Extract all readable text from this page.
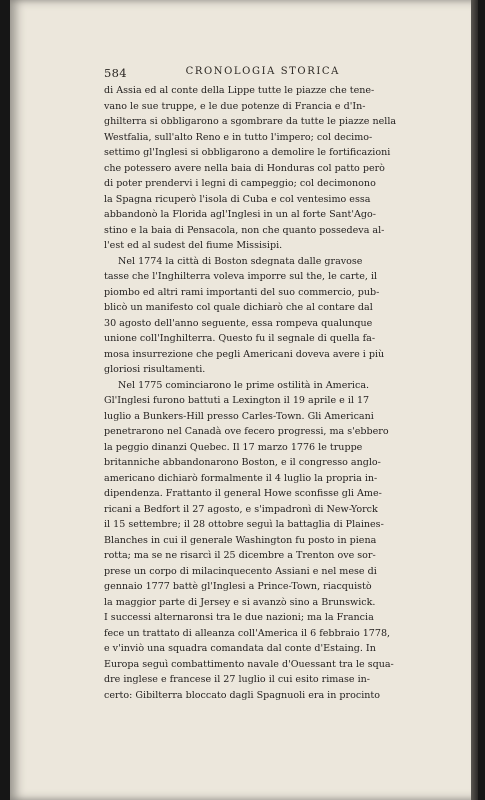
584	CRONOLOGIA STORICA
di Assia ed al conte della Lippe tutte le piazze che tene-
vano le sue truppe, e le due potenze di Francia e d'In-
ghilterra si obbligarono a sgombrare da tutte le piazze nella
Westfalia, sull'alto Reno e in tutto l'impero; col decimo-
settimo gl'Inglesi si obbligarono a demolire le fortificazioni
che potessero avere nella baia di Honduras col patto però
di poter prendervi i legni di campeggio; col decimonono
la Spagna ricuperò l'isola di Cuba e col ventesimo essa
abbandonò la Florida agl'Inglesi in un al forte Sant'Ago-
stino e la baia di Pensacola, non che quanto possedeva al-
l'est ed al sudest del fiume Missisipi.
Nel 1774 la città di Boston sdegnata dalle gravose
tasse che l'Inghilterra voleva imporre sul the, le carte, il
piombo ed altri rami importanti del suo commercio, pub-
blicò un manifesto col quale dichiarò che al contare dal
30 agosto dell'anno seguente, essa rompeva qualunque
unione coll'Inghilterra. Questo fu il segnale di quella fa-
mosa insurrezione che pegli Americani doveva avere i più
gloriosi risultamenti.
Nel 1775 cominciarono le prime ostilità in America.
Gl'Inglesi furono battuti a Lexington il 19 aprile e il 17
luglio a Bunkers-Hill presso Carles-Town. Gli Americani
penetrarono nel Canadà ove fecero progressi, ma s'ebbero
la peggio dinanzi Quebec. Il 17 marzo 1776 le truppe
britanniche abbandonarono Boston, e il congresso anglo-
americano dichiarò formalmente il 4 luglio la propria in-
dipendenza. Frattanto il general Howe sconfisse gli Ame-
ricani a Bedfort il 27 agosto, e s'impadronì di New-Yorck
il 15 settembre; il 28 ottobre seguì la battaglia di Plaines-
Blanches in cui il generale Washington fu posto in piena
rotta; ma se ne risarcì il 25 dicembre a Trenton ove sor-
prese un corpo di milacinquecento Assiani e nel mese di
gennaio 1777 battè gl'Inglesi a Prince-Town, riacquistò
la maggior parte di Jersey e si avanzò sino a Brunswick.
I successi alternaronsi tra le due nazioni; ma la Francia
fece un trattato di alleanza coll'America il 6 febbraio 1778,
e v'inviò una squadra comandata dal conte d'Estaing. In
Europa seguì combattimento navale d'Ouessant tra le squa-
dre inglese e francese il 27 luglio il cui esito rimase in-
certo: Gibilterra bloccato dagli Spagnuoli era in procinto
